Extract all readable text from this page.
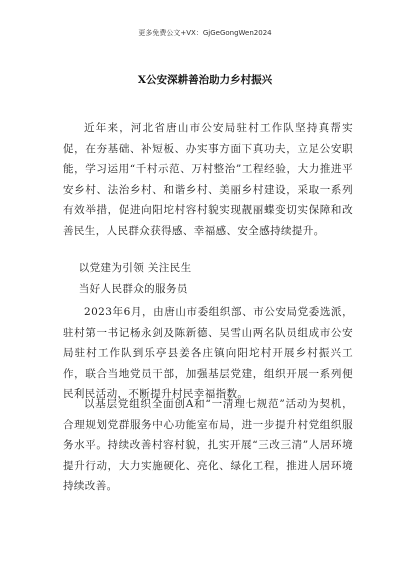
更多免费公文+VX：GjGeGongWen2024
X公安深耕善治助力乡村振兴

近年来，河北省唐山市公安局驻村工作队坚持真帮实促，在夯基础、补短板、办实事方面下真功夫，立足公安职能，学习运用“千村示范、万村整治”工程经验，大力推进平安乡村、法治乡村、和谐乡村、美丽乡村建设，采取一系列有效举措，促进向阳坨村容村貌实现靓丽蝶变切实保障和改善民生，人民群众获得感、幸福感、安全感持续提升。

以党建为引领 关注民生

当好人民群众的服务员

2023年6月，由唐山市委组织部、市公安局党委选派，驻村第一书记杨永剑及陈新德、吴雪山两名队员组成市公安局驻村工作队到乐亭县姜各庄镇向阳坨村开展乡村振兴工作，联合当地党员干部，加强基层党建，组织开展一系列便民利民活动，不断提升村民幸福指数。

以基层党组织全面创A和“一清理七规范”活动为契机，合理规划党群服务中心功能室布局，进一步提升村党组织服务水平。持续改善村容村貌，扎实开展“三改三清”人居环境提升行动，大力实施硬化、亮化、绿化工程，推进人居环境持续改善。
